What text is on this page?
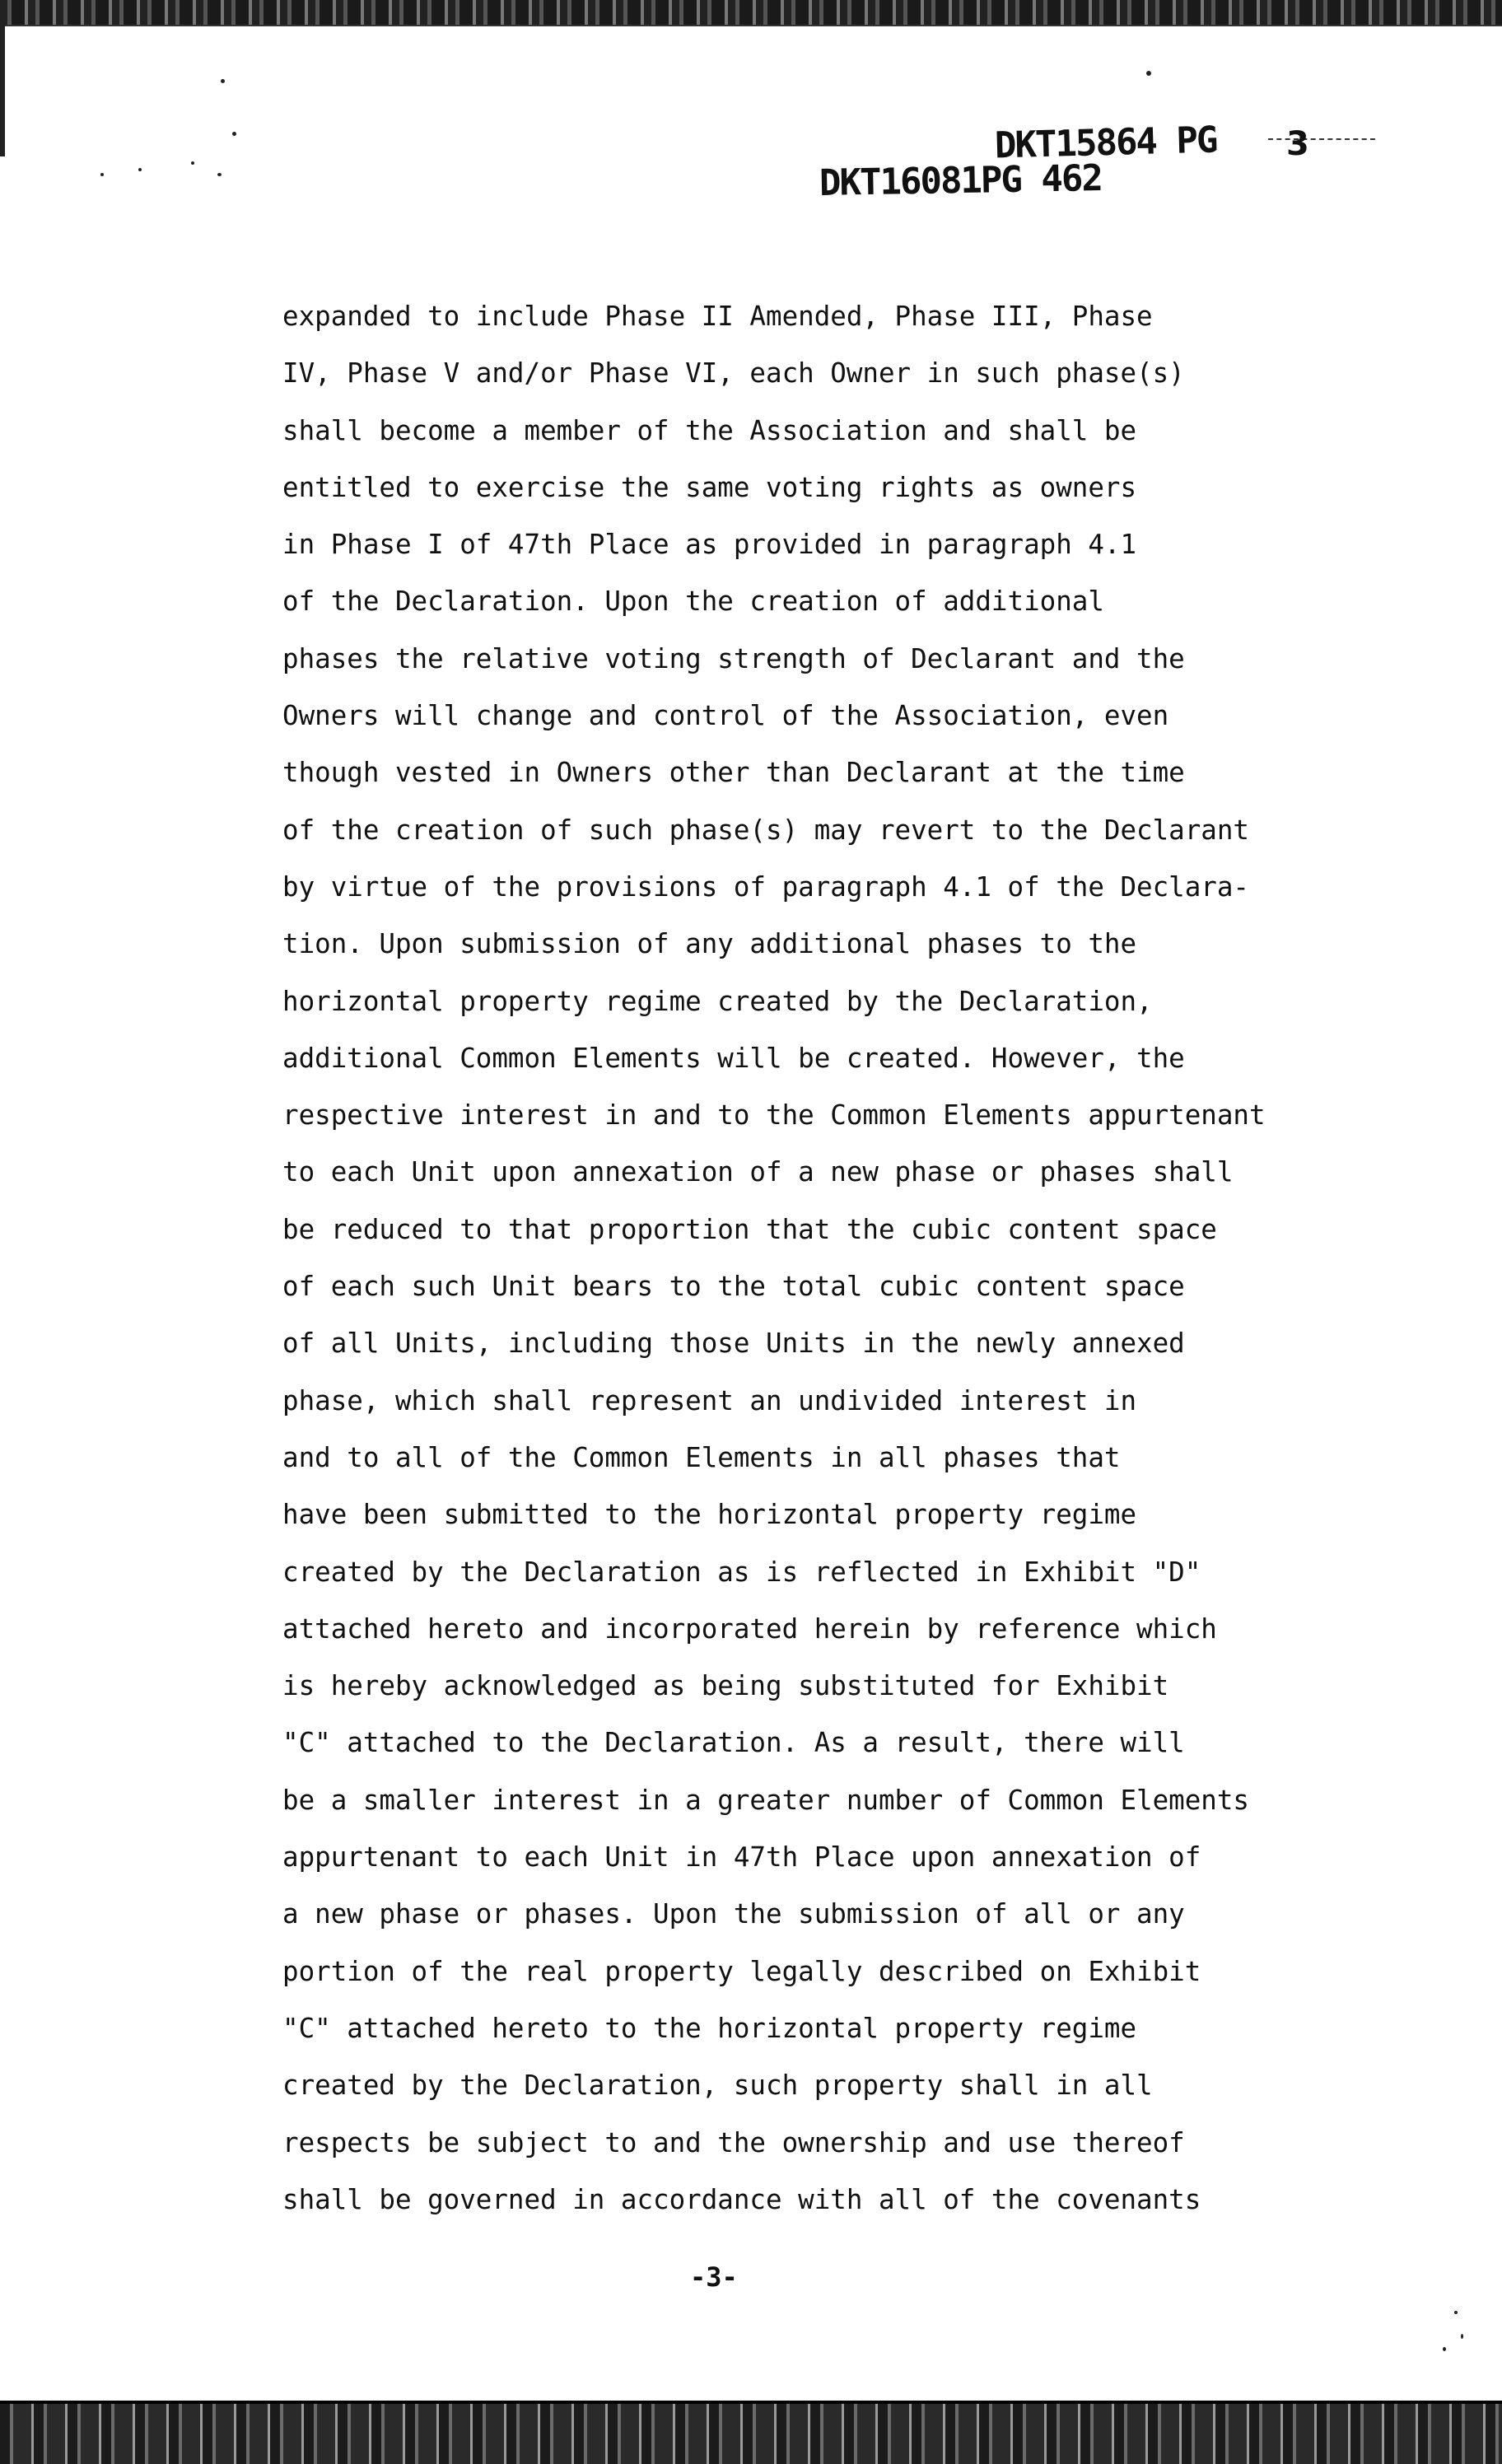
DKT15864 PG
DKT16081PG 462
3
expanded to include Phase II Amended, Phase III, Phase
IV, Phase V and/or Phase VI, each Owner in such phase(s)
shall become a member of the Association and shall be
entitled to exercise the same voting rights as owners
in Phase I of 47th Place as provided in paragraph 4.1
of the Declaration. Upon the creation of additional
phases the relative voting strength of Declarant and the
Owners will change and control of the Association, even
though vested in Owners other than Declarant at the time
of the creation of such phase(s) may revert to the Declarant
by virtue of the provisions of paragraph 4.1 of the Declara-
tion. Upon submission of any additional phases to the
horizontal property regime created by the Declaration,
additional Common Elements will be created. However, the
respective interest in and to the Common Elements appurtenant
to each Unit upon annexation of a new phase or phases shall
be reduced to that proportion that the cubic content space
of each such Unit bears to the total cubic content space
of all Units, including those Units in the newly annexed
phase, which shall represent an undivided interest in
and to all of the Common Elements in all phases that
have been submitted to the horizontal property regime
created by the Declaration as is reflected in Exhibit "D"
attached hereto and incorporated herein by reference which
is hereby acknowledged as being substituted for Exhibit
"C" attached to the Declaration. As a result, there will
be a smaller interest in a greater number of Common Elements
appurtenant to each Unit in 47th Place upon annexation of
a new phase or phases. Upon the submission of all or any
portion of the real property legally described on Exhibit
"C" attached hereto to the horizontal property regime
created by the Declaration, such property shall in all
respects be subject to and the ownership and use thereof
shall be governed in accordance with all of the covenants
-3-
